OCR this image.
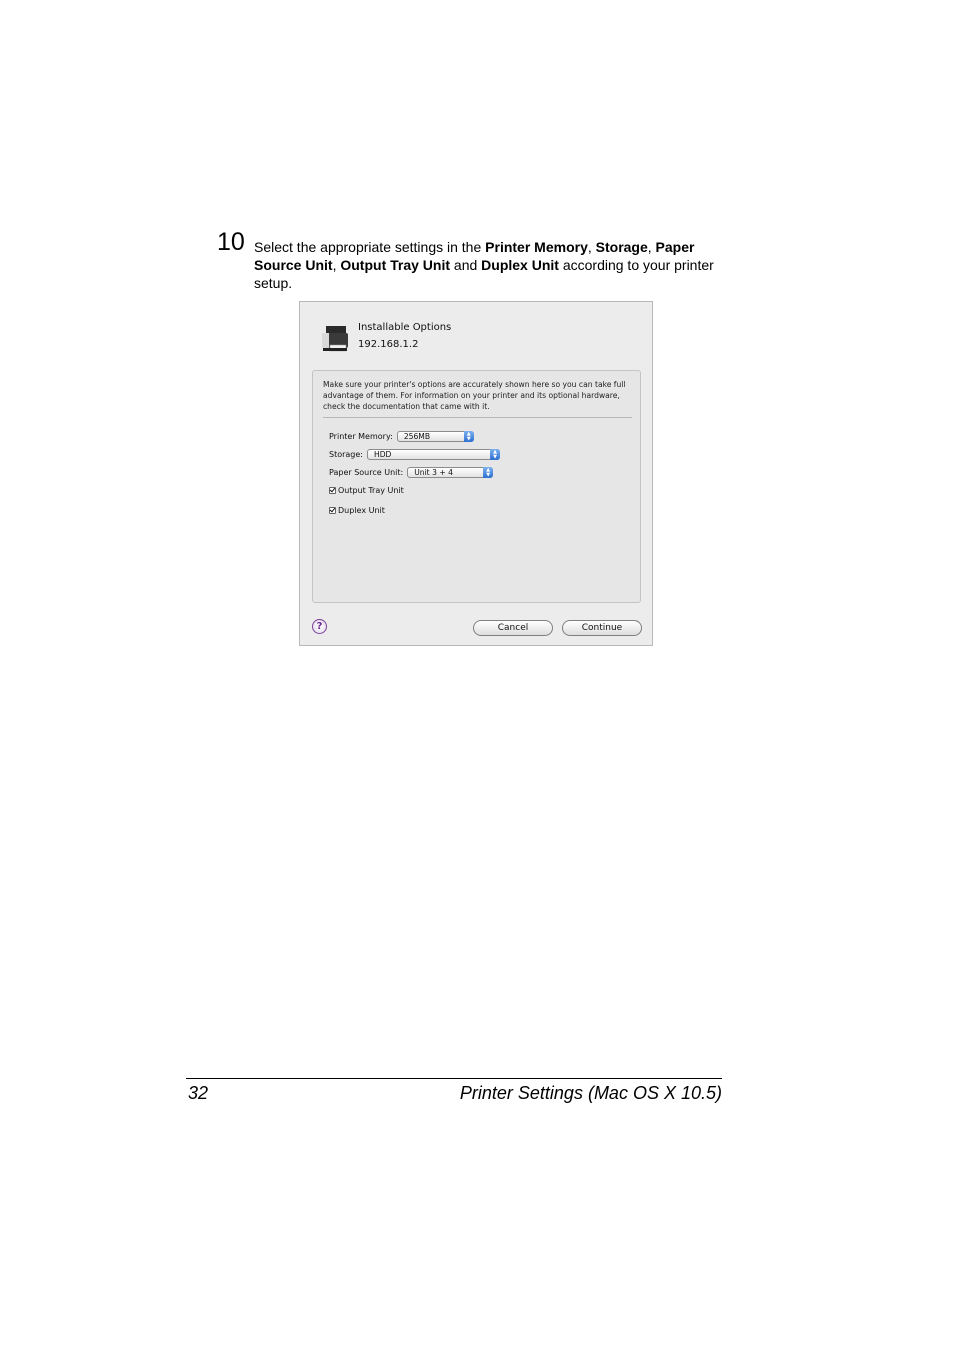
10 Select the appropriate settings in the Printer Memory, Storage, Paper Source Unit, Output Tray Unit and Duplex Unit according to your printer setup.
Installable Options
192.168.1.2
Make sure your printer's options are accurately shown here so you can take full advantage of them. For information on your printer and its optional hardware, check the documentation that came with it.
Printer Memory:	256MB	▲
▼
Storage:	HDD	▲
▼
Paper Source Unit:	Unit 3 + 4	▲
▼
Output Tray Unit
Duplex Unit
?	Cancel	Continue
32	Printer Settings (Mac OS X 10.5)
